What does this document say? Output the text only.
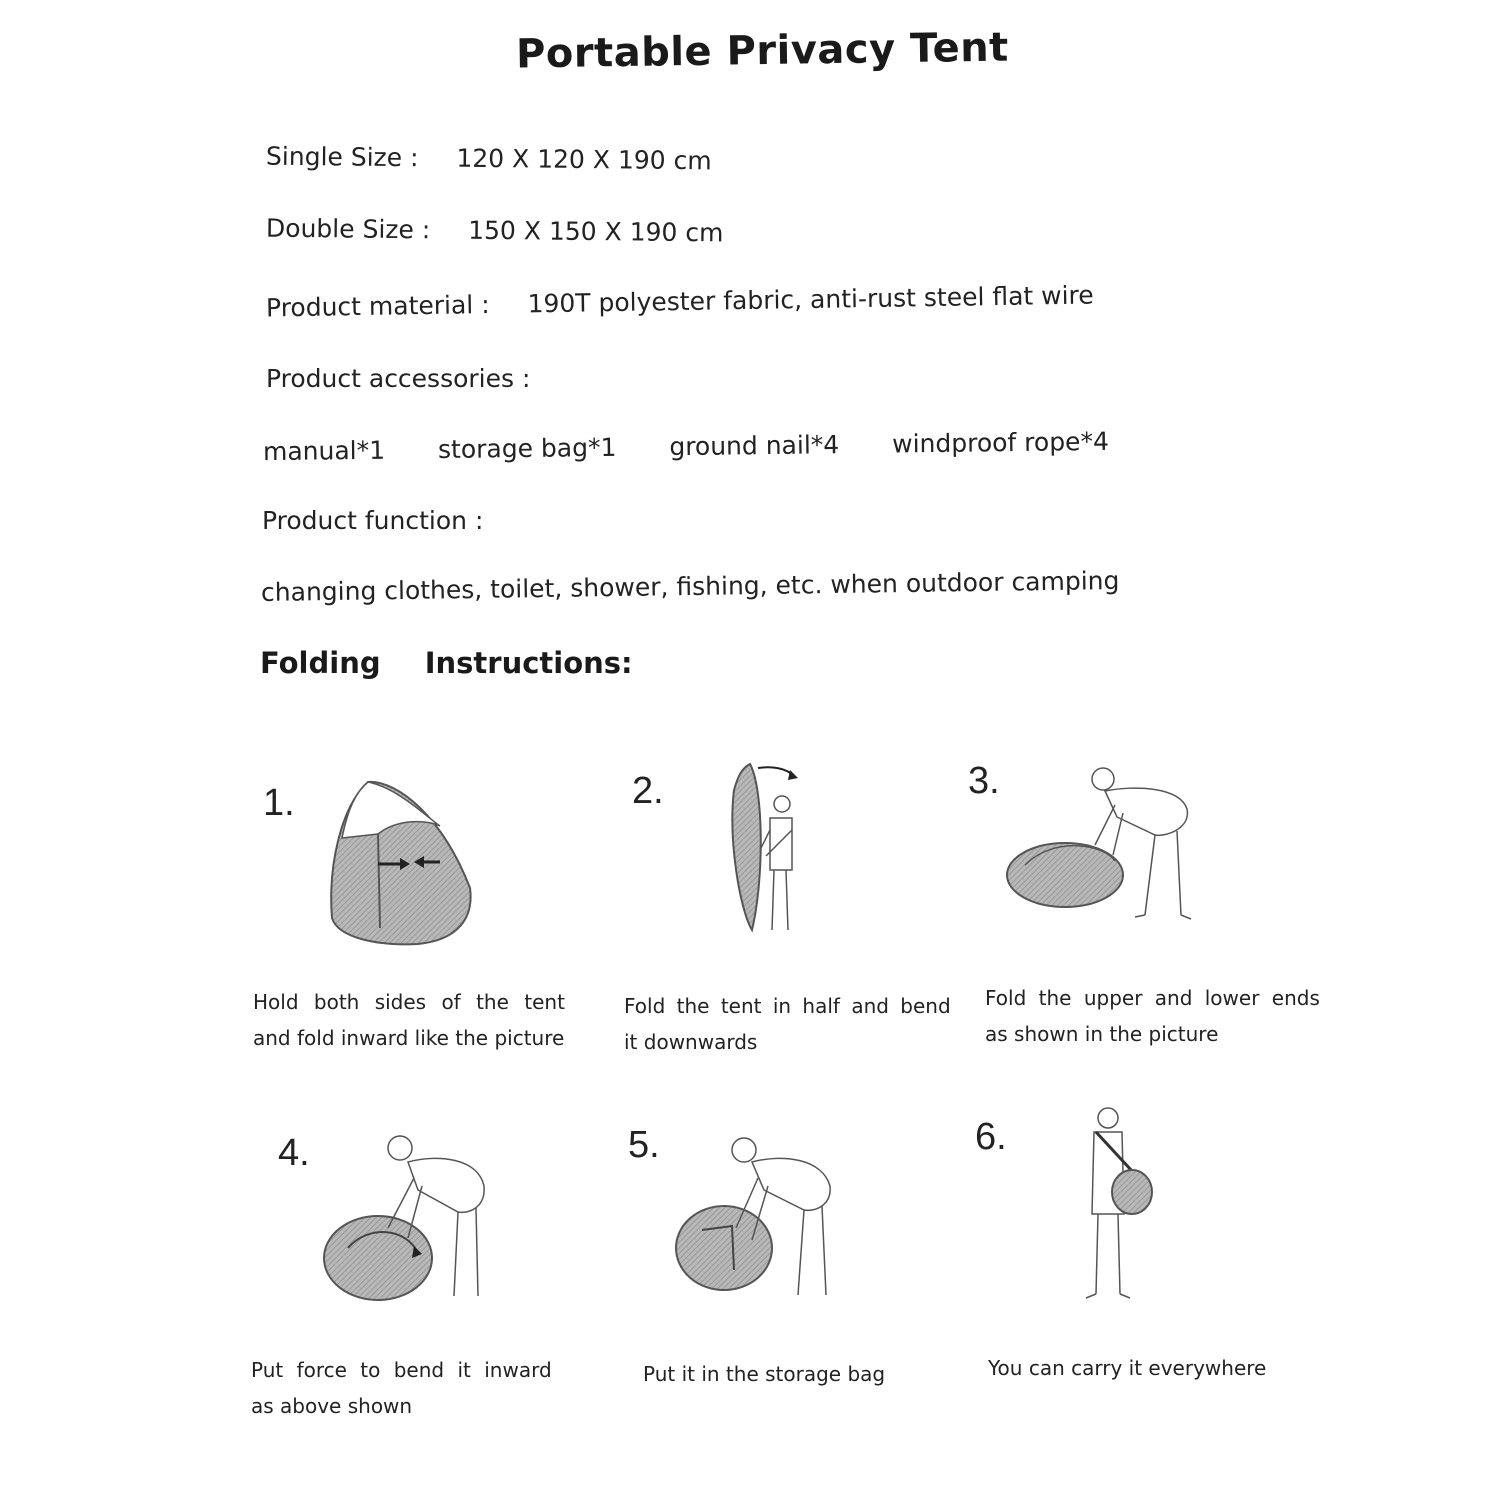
Portable Privacy Tent
Single Size : 120 X 120 X 190 cm
Double Size : 150 X 150 X 190 cm
Product material : 190T polyester fabric, anti-rust steel flat wire
Product accessories :
manual*1 storage bag*1 ground nail*4 windproof rope*4
Product function :
changing clothes, toilet, shower, fishing, etc. when outdoor camping
Folding Instructions:
1.
Hold both sides of the tent
and fold inward like the picture
2.
Fold the tent in half and bend
it downwards
3.
Fold the upper and lower ends
as shown in the picture
4.
Put force to bend it inward
as above shown
5.
Put it in the storage bag
6.
You can carry it everywhere
